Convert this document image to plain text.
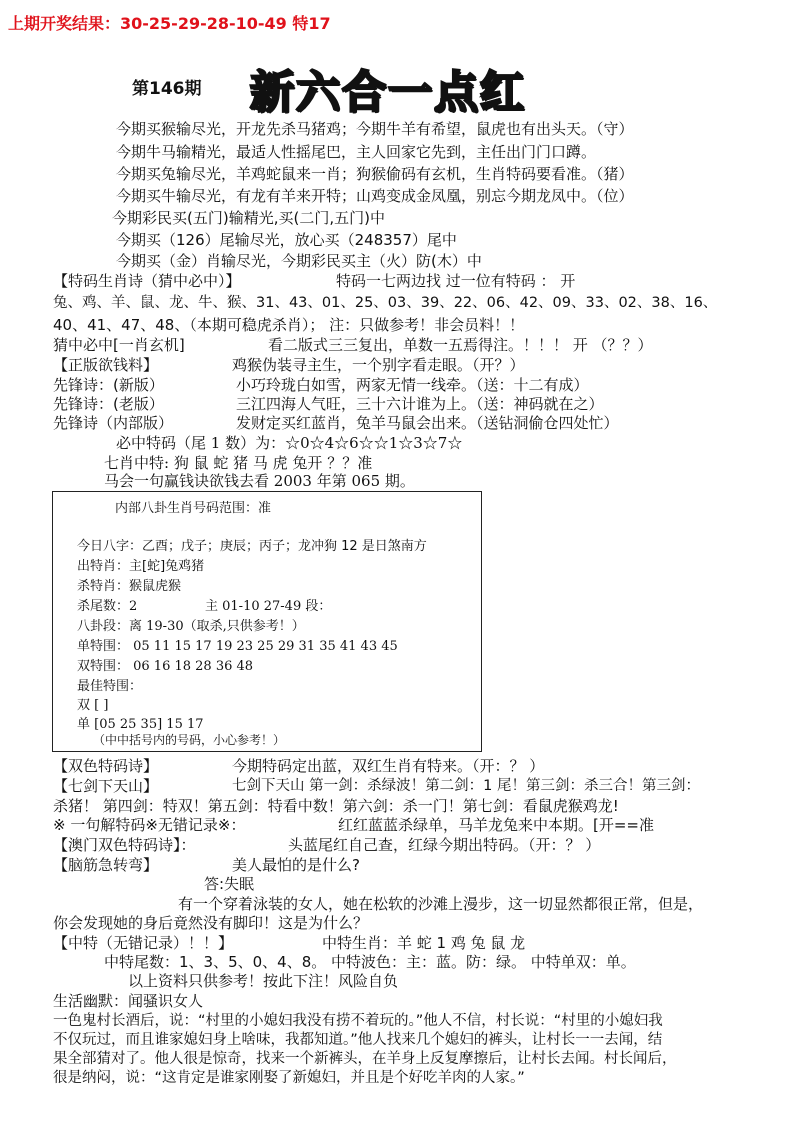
上期开奖结果：30-25-29-28-10-49 特17
第146期 新六合一点红
今期买猴输尽光，开龙先杀马猪鸡；今期牛羊有希望，鼠虎也有出头天。（守）
今期牛马输精光，最适人性摇尾巴，主人回家它先到，主任出门门口蹲。
今期买兔输尽光，羊鸡蛇鼠来一肖；狗猴偷码有玄机，生肖特码要看准。（猪）
今期买牛输尽光，有龙有羊来开特；山鸡变成金凤凰，别忘今期龙凤中。（位）
今期彩民买(五门)输精光,买(二门,五门)中
今期买（126）尾输尽光，放心买（248357）尾中
今期买（金）肖输尽光，今期彩民买主（火）防(木）中
【特码生肖诗（猜中必中）】	特码一七两边找 过一位有特码 ： 开
兔、鸡、羊、鼠、龙、牛、猴、31、43、01、25、03、39、22、06、42、09、33、02、38、16、
40、41、47、48、（本期可稳虎杀肖）； 注：只做参考！非会员料！！
猜中必中[一肖玄机]	看二版式三三复出，单数一五焉得注。！！！ 开 （？？）
【正版欲钱料】	鸡猴伪装寻主生，一个别字看走眼。（开？）
先锋诗：(新版）	小巧玲珑白如雪，两家无情一线牵。（送：十二有成）
先锋诗：(老版）	三江四海人气旺，三十六计谁为上。（送：神码就在之）
先锋诗（内部版）	发财定买红蓝肖，兔羊马鼠会出来。（送钻洞偷仓四处忙）
必中特码（尾 1 数）为：☆0☆4☆6☆☆1☆3☆7☆
七肖中特: 狗 鼠 蛇 猪 马 虎 兔开 ？？准
马会一句赢钱诀欲钱去看 2003 年第 065 期。
内部八卦生肖号码范围：准
今日八字：乙酉；戊子；庚辰；丙子；龙冲狗 12 是日煞南方
出特肖：主[蛇]兔鸡猪
杀特肖：猴鼠虎猴
杀尾数：2	主 01-10 27-49 段：
八卦段：离 19-30（取杀,只供参考！）
单特围： 05 11 15 17 19 23 25 29 31 35 41 43 45
双特围： 06 16 18 28 36 48
最佳特围：
双 [ ]
单 [05 25 35] 15 17
（中中括号内的号码，小心参考！）
【双色特码诗】	今期特码定出蓝，双红生肖有特来。（开：？ ）
【七剑下天山】	七剑下天山 第一剑：杀绿波！第二剑：1 尾！第三剑：杀三合！第三剑：
杀猪！ 第四剑：特双！第五剑：特看中数！第六剑：杀一门！第七剑：看鼠虎猴鸡龙!
※ 一句解特码※无错记录※：	红红蓝蓝杀绿单，马羊龙兔来中本期。[开==准
【澳门双色特码诗】：	头蓝尾红自己查，红绿今期出特码。（开：？ ）
【脑筋急转弯】	美人最怕的是什么?
答:失眠
有一个穿着泳装的女人，她在松软的沙滩上漫步，这一切显然都很正常，但是，
你会发现她的身后竟然没有脚印！这是为什么？
【中特（无错记录）！！】	中特生肖：羊 蛇 1 鸡 兔 鼠 龙
中特尾数：1、3、5、0、4、8。 中特波色：主：蓝。防：绿。 中特单双：单。
以上资料只供参考！按此下注！风险自负
生活幽默：闻骚识女人
一色鬼村长酒后，说：“村里的小媳妇我没有捞不着玩的。”他人不信，村长说：“村里的小媳妇我
不仅玩过，而且谁家媳妇身上啥味，我都知道。”他人找来几个媳妇的裤头，让村长一一去闻，结
果全部猜对了。他人很是惊奇，找来一个新裤头，在羊身上反复摩擦后，让村长去闻。村长闻后，
很是纳闷，说：“这肯定是谁家刚娶了新媳妇，并且是个好吃羊肉的人家。”
